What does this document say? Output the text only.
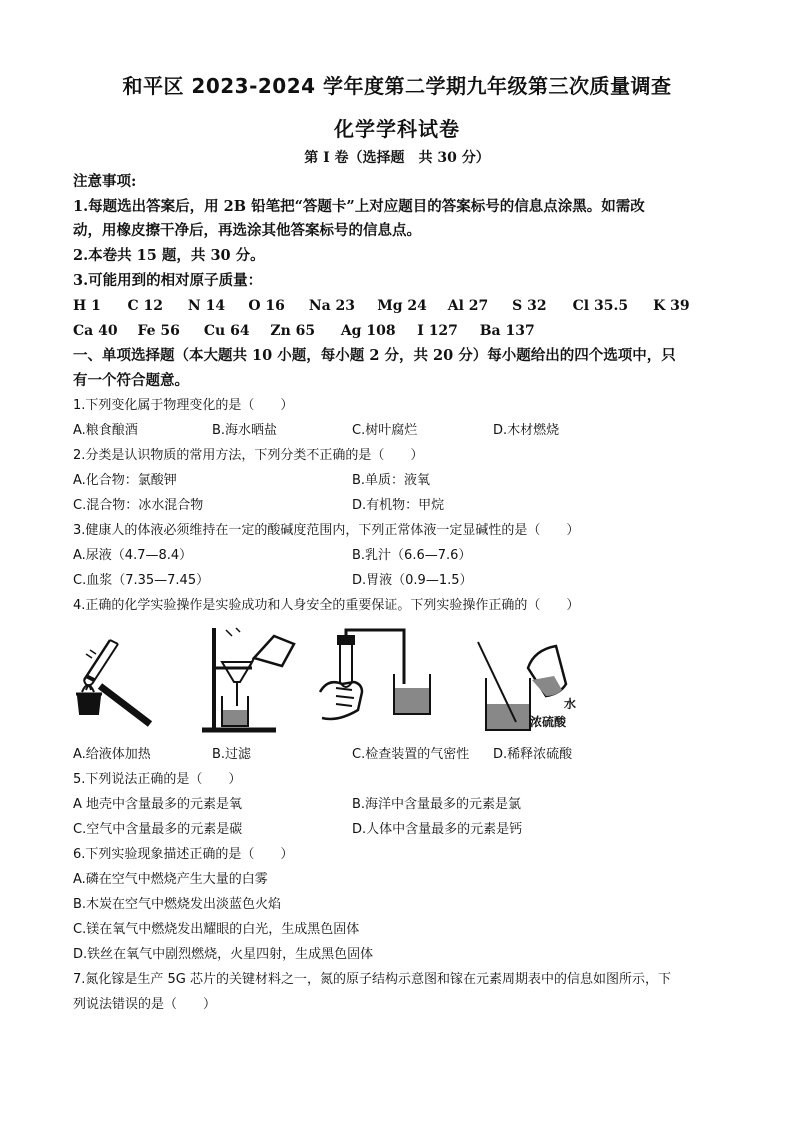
和平区 2023-2024 学年度第二学期九年级第三次质量调查
化学学科试卷
第 I 卷（选择题　共 30 分）
注意事项:
1.每题选出答案后，用 2B 铅笔把“答题卡”上对应题目的答案标号的信息点涂黑。如需改
动，用橡皮擦干净后，再选涂其他答案标号的信息点。
2.本卷共 15 题，共 30 分。
3.可能用到的相对原子质量：
H 1 C 12 N 14 O 16 Na 23 Mg 24 Al 27 S 32 Cl 35.5 K 39
Ca 40 Fe 56 Cu 64 Zn 65 Ag 108 I 127 Ba 137
一、单项选择题（本大题共 10 小题，每小题 2 分，共 20 分）每小题给出的四个选项中，只
有一个符合题意。
1.下列变化属于物理变化的是（　　）
A.粮食酿酒	B.海水晒盐	C.树叶腐烂	D.木材燃烧
2.分类是认识物质的常用方法，下列分类不正确的是（　　）
A.化合物：氯酸钾	B.单质：液氧
C.混合物：冰水混合物	D.有机物：甲烷
3.健康人的体液必须维持在一定的酸碱度范围内，下列正常体液一定显碱性的是（　　）
A.尿液（4.7—8.4）	B.乳汁（6.6—7.6）
C.血浆（7.35—7.45）	D.胃液（0.9—1.5）
4.正确的化学实验操作是实验成功和人身安全的重要保证。下列实验操作正确的（　　）
水
浓硫酸
A.给液体加热	B.过滤	C.检查装置的气密性 D.稀释浓硫酸
5.下列说法正确的是（　　）
A 地壳中含量最多的元素是氧	B.海洋中含量最多的元素是氯
C.空气中含量最多的元素是碳	D.人体中含量最多的元素是钙
6.下列实验现象描述正确的是（　　）
A.磷在空气中燃烧产生大量的白雾
B.木炭在空气中燃烧发出淡蓝色火焰
C.镁在氧气中燃烧发出耀眼的白光，生成黑色固体
D.铁丝在氧气中剧烈燃烧，火星四射，生成黑色固体
7.氮化镓是生产 5G 芯片的关键材料之一，氮的原子结构示意图和镓在元素周期表中的信息如图所示，下
列说法错误的是（　　）
